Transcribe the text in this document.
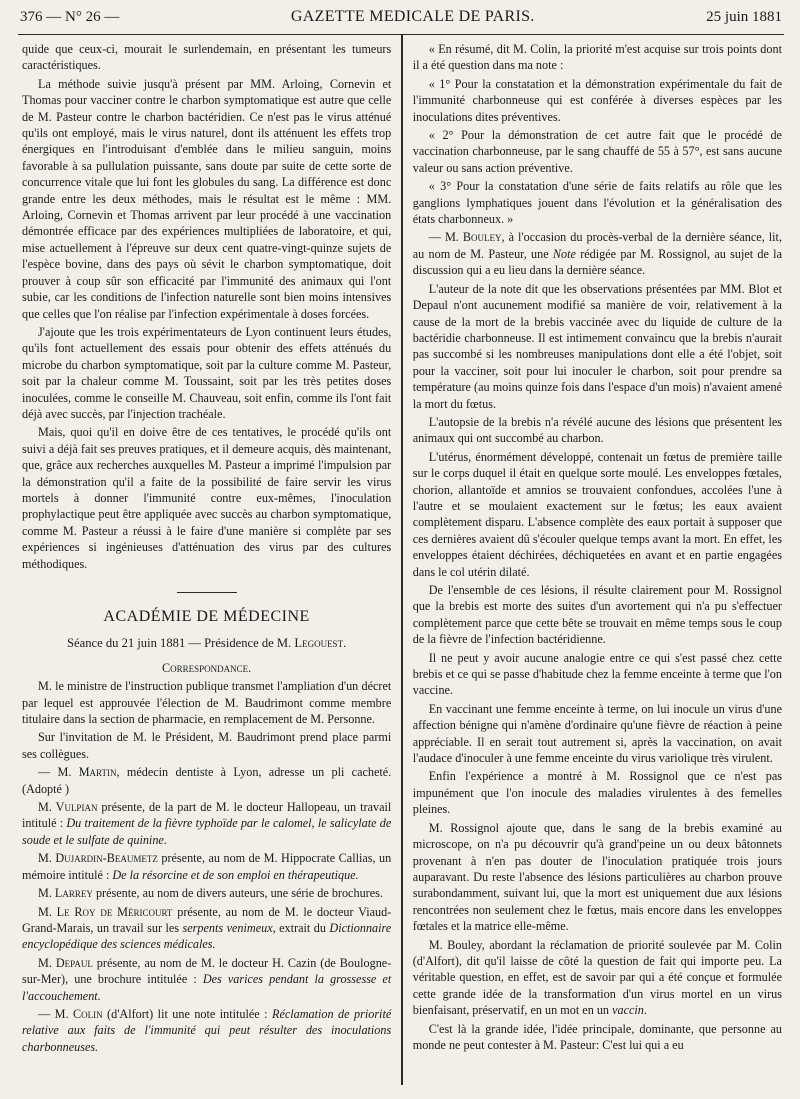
376 — N° 26 —	GAZETTE MEDICALE DE PARIS.	25 juin 1881

quide que ceux-ci, mourait le surlendemain, en présentant les tumeurs caractéristiques.

La méthode suivie jusqu'à présent par MM. Arloing, Cornevin et Thomas pour vacciner contre le charbon symptomatique est autre que celle de M. Pasteur contre le charbon bactéridien. Ce n'est pas le virus atténué qu'ils ont employé, mais le virus naturel, dont ils atténuent les effets trop énergiques en l'introduisant d'emblée dans le milieu sanguin, moins favorable à sa pullulation puissante, sans doute par suite de cette sorte de concurrence vitale que lui font les globules du sang. La différence est donc grande entre les deux méthodes, mais le résultat est le même : MM. Arloing, Cornevin et Thomas arrivent par leur procédé à une vaccination démontrée efficace par des expériences multipliées de laboratoire, et qui, mise actuellement à l'épreuve sur deux cent quatre-vingt-quinze sujets de l'espèce bovine, dans des pays où sévit le charbon symptomatique, doit prouver à coup sûr son efficacité par l'immunité des animaux qui l'ont subie, car les conditions de l'infection naturelle sont bien moins intensives que celles que l'on réalise par l'infection expérimentale à doses forcées.

J'ajoute que les trois expérimentateurs de Lyon continuent leurs études, qu'ils font actuellement des essais pour obtenir des effets atténués du microbe du charbon symptomatique, soit par la culture comme M. Pasteur, soit par la chaleur comme M. Toussaint, soit par les très petites doses inoculées, comme le conseille M. Chauveau, soit enfin, comme ils l'ont fait déjà avec succès, par l'injection trachéale.

Mais, quoi qu'il en doive être de ces tentatives, le procédé qu'ils ont suivi a déjà fait ses preuves pratiques, et il demeure acquis, dès maintenant, que, grâce aux recherches auxquelles M. Pasteur a imprimé l'impulsion par la démonstration qu'il a faite de la possibilité de faire servir les virus mortels à donner l'immunité contre eux-mêmes, l'inoculation prophylactique peut être appliquée avec succès au charbon symptomatique, comme M. Pasteur a réussi à le faire d'une manière si complète par ses expériences si ingénieuses d'atténuation des virus par des cultures méthodiques.

ACADÉMIE DE MÉDECINE
Séance du 21 juin 1881 — Présidence de M. Legouest.
Correspondance.

M. le ministre de l'instruction publique transmet l'ampliation d'un décret par lequel est approuvée l'élection de M. Baudrimont comme membre titulaire dans la section de pharmacie, en remplacement de M. Personne.

Sur l'invitation de M. le Président, M. Baudrimont prend place parmi ses collègues.

— M. Martin, médecin dentiste à Lyon, adresse un pli cacheté. (Adopté )

M. Vulpian présente, de la part de M. le docteur Hallopeau, un travail intitulé : Du traitement de la fièvre typhoïde par le calomel, le salicylate de soude et le sulfate de quinine.

M. Dujardin-Beaumetz présente, au nom de M. Hippocrate Callias, un mémoire intitulé : De la résorcine et de son emploi en thérapeutique.

M. Larrey présente, au nom de divers auteurs, une série de brochures.

M. Le Roy de Méricourt présente, au nom de M. le docteur Viaud-Grand-Marais, un travail sur les serpents venimeux, extrait du Dictionnaire encyclopédique des sciences médicales.

M. Depaul présente, au nom de M. le docteur H. Cazin (de Boulogne-sur-Mer), une brochure intitulée : Des varices pendant la grossesse et l'accouchement.

— M. Colin (d'Alfort) lit une note intitulée : Réclamation de priorité relative aux faits de l'immunité qui peut résulter des inoculations charbonneuses.

« En résumé, dit M. Colin, la priorité m'est acquise sur trois points dont il a été question dans ma note :

« 1° Pour la constatation et la démonstration expérimentale du fait de l'immunité charbonneuse qui est conférée à diverses espèces par les inoculations dites préventives.

« 2° Pour la démonstration de cet autre fait que le procédé de vaccination charbonneuse, par le sang chauffé de 55 à 57°, est sans aucune valeur ou sans action préventive.

« 3° Pour la constatation d'une série de faits relatifs au rôle que les ganglions lymphatiques jouent dans l'évolution et la généralisation des états charbonneux. »

— M. Bouley, à l'occasion du procès-verbal de la dernière séance, lit, au nom de M. Pasteur, une Note rédigée par M. Rossignol, au sujet de la discussion qui a eu lieu dans la dernière séance.

L'auteur de la note dit que les observations présentées par MM. Blot et Depaul n'ont aucunement modifié sa manière de voir, relativement à la cause de la mort de la brebis vaccinée avec du liquide de culture de la bactéridie charbonneuse. Il est intimement convaincu que la brebis n'aurait pas succombé si les nombreuses manipulations dont elle a été l'objet, soit pour la vacciner, soit pour lui inoculer le charbon, soit pour prendre sa température (au moins quinze fois dans l'espace d'un mois) n'avaient amené la mort du fœtus.

L'autopsie de la brebis n'a révélé aucune des lésions que présentent les animaux qui ont succombé au charbon.

L'utérus, énormément développé, contenait un fœtus de première taille sur le corps duquel il était en quelque sorte moulé. Les enveloppes fœtales, chorion, allantoïde et amnios se trouvaient confondues, accolées l'une à l'autre et se moulaient exactement sur le fœtus; les eaux avaient complètement disparu. L'absence complète des eaux portait à supposer que ces dernières avaient dû s'écouler quelque temps avant la mort. En effet, les enveloppes étaient déchirées, déchiquetées en avant et en partie engagées dans le col utérin dilaté.

De l'ensemble de ces lésions, il résulte clairement pour M. Rossignol que la brebis est morte des suites d'un avortement qui n'a pu s'effectuer complètement parce que cette bête se trouvait en même temps sous le coup de la fièvre de l'infection bactéridienne.

Il ne peut y avoir aucune analogie entre ce qui s'est passé chez cette brebis et ce qui se passe d'habitude chez la femme enceinte à terme que l'on vaccine.

En vaccinant une femme enceinte à terme, on lui inocule un virus d'une affection bénigne qui n'amène d'ordinaire qu'une fièvre de réaction à peine appréciable. Il en serait tout autrement si, après la vaccination, on avait l'audace d'inoculer à une femme enceinte du virus variolique très virulent.

Enfin l'expérience a montré à M. Rossignol que ce n'est pas impunément que l'on inocule des maladies virulentes à des femelles pleines.

M. Rossignol ajoute que, dans le sang de la brebis examiné au microscope, on n'a pu découvrir qu'à grand'peine un ou deux bâtonnets provenant à n'en pas douter de l'inoculation pratiquée trois jours auparavant. Du reste l'absence des lésions particulières au charbon prouve surabondamment, suivant lui, que la mort est uniquement due aux lésions rencontrées non seulement chez le fœtus, mais encore dans les enveloppes fœtales et la matrice elle-même.

M. Bouley, abordant la réclamation de priorité soulevée par M. Colin (d'Alfort), dit qu'il laisse de côté la question de fait qui importe peu. La véritable question, en effet, est de savoir par qui a été conçue et formulée cette grande idée de la transformation d'un virus mortel en un virus bienfaisant, préservatif, en un mot en un vaccin.

C'est là la grande idée, l'idée principale, dominante, que personne au monde ne peut contester à M. Pasteur: C'est lui qui a eu
